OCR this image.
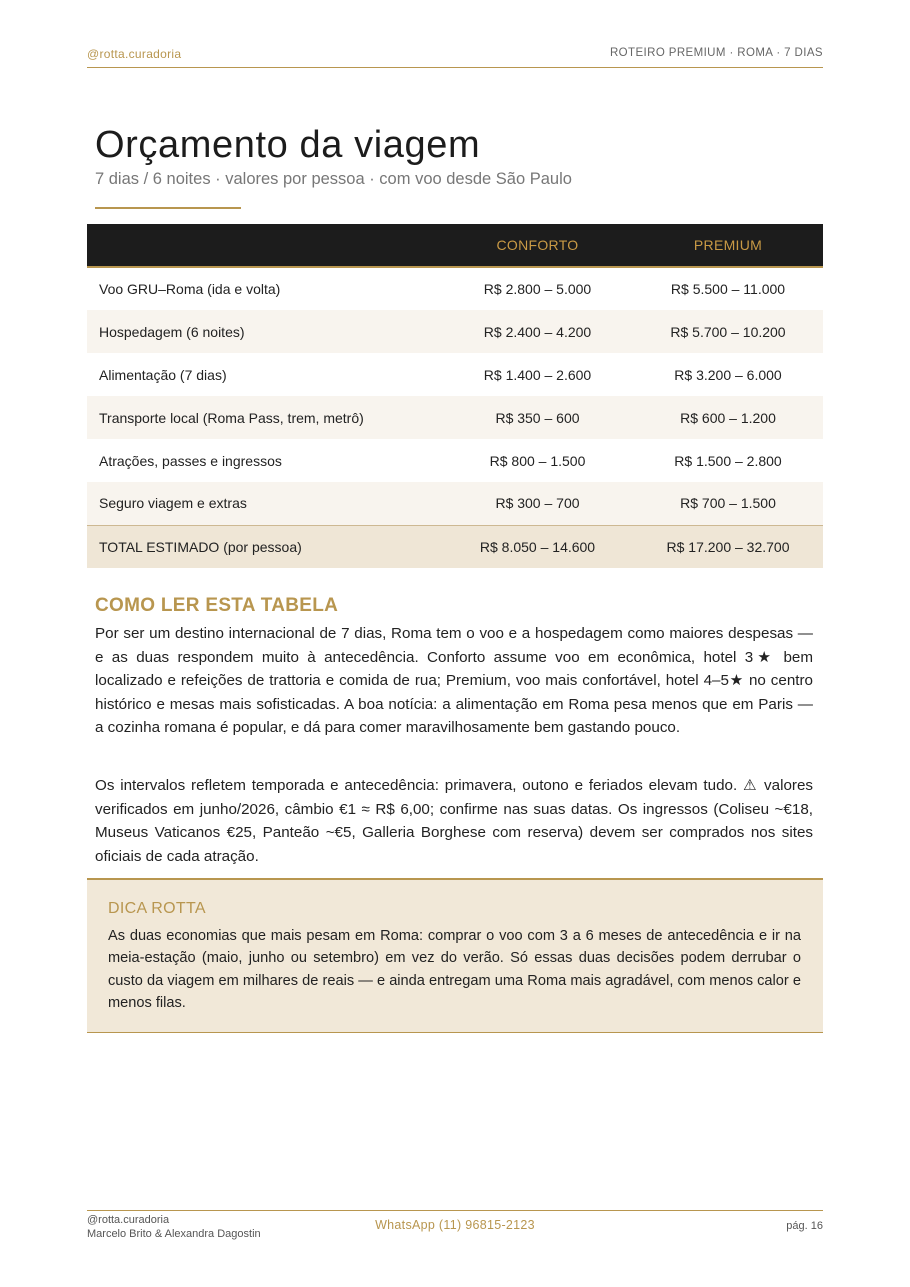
@rotta.curadoria	ROTEIRO PREMIUM · ROMA · 7 DIAS
Orçamento da viagem
7 dias / 6 noites · valores por pessoa · com voo desde São Paulo
	CONFORTO	PREMIUM
Voo GRU–Roma (ida e volta)	R$ 2.800 – 5.000	R$ 5.500 – 11.000
Hospedagem (6 noites)	R$ 2.400 – 4.200	R$ 5.700 – 10.200
Alimentação (7 dias)	R$ 1.400 – 2.600	R$ 3.200 – 6.000
Transporte local (Roma Pass, trem, metrô)	R$ 350 – 600	R$ 600 – 1.200
Atrações, passes e ingressos	R$ 800 – 1.500	R$ 1.500 – 2.800
Seguro viagem e extras	R$ 300 – 700	R$ 700 – 1.500
TOTAL ESTIMADO (por pessoa)	R$ 8.050 – 14.600	R$ 17.200 – 32.700
COMO LER ESTA TABELA

Por ser um destino internacional de 7 dias, Roma tem o voo e a hospedagem como maiores despesas — e as duas respondem muito à antecedência. Conforto assume voo em econômica, hotel 3★ bem localizado e refeições de trattoria e comida de rua; Premium, voo mais confortável, hotel 4–5★ no centro histórico e mesas mais sofisticadas. A boa notícia: a alimentação em Roma pesa menos que em Paris — a cozinha romana é popular, e dá para comer maravilhosamente bem gastando pouco.

Os intervalos refletem temporada e antecedência: primavera, outono e feriados elevam tudo. ⚠ valores verificados em junho/2026, câmbio €1 ≈ R$ 6,00; confirme nas suas datas. Os ingressos (Coliseu ~€18, Museus Vaticanos €25, Panteão ~€5, Galleria Borghese com reserva) devem ser comprados nos sites oficiais de cada atração.

DICA ROTTA

As duas economias que mais pesam em Roma: comprar o voo com 3 a 6 meses de antecedência e ir na meia-estação (maio, junho ou setembro) em vez do verão. Só essas duas decisões podem derrubar o custo da viagem em milhares de reais — e ainda entregam uma Roma mais agradável, com menos calor e menos filas.

@rotta.curadoria
Marcelo Brito & Alexandra Dagostin
WhatsApp (11) 96815-2123	pág. 16
